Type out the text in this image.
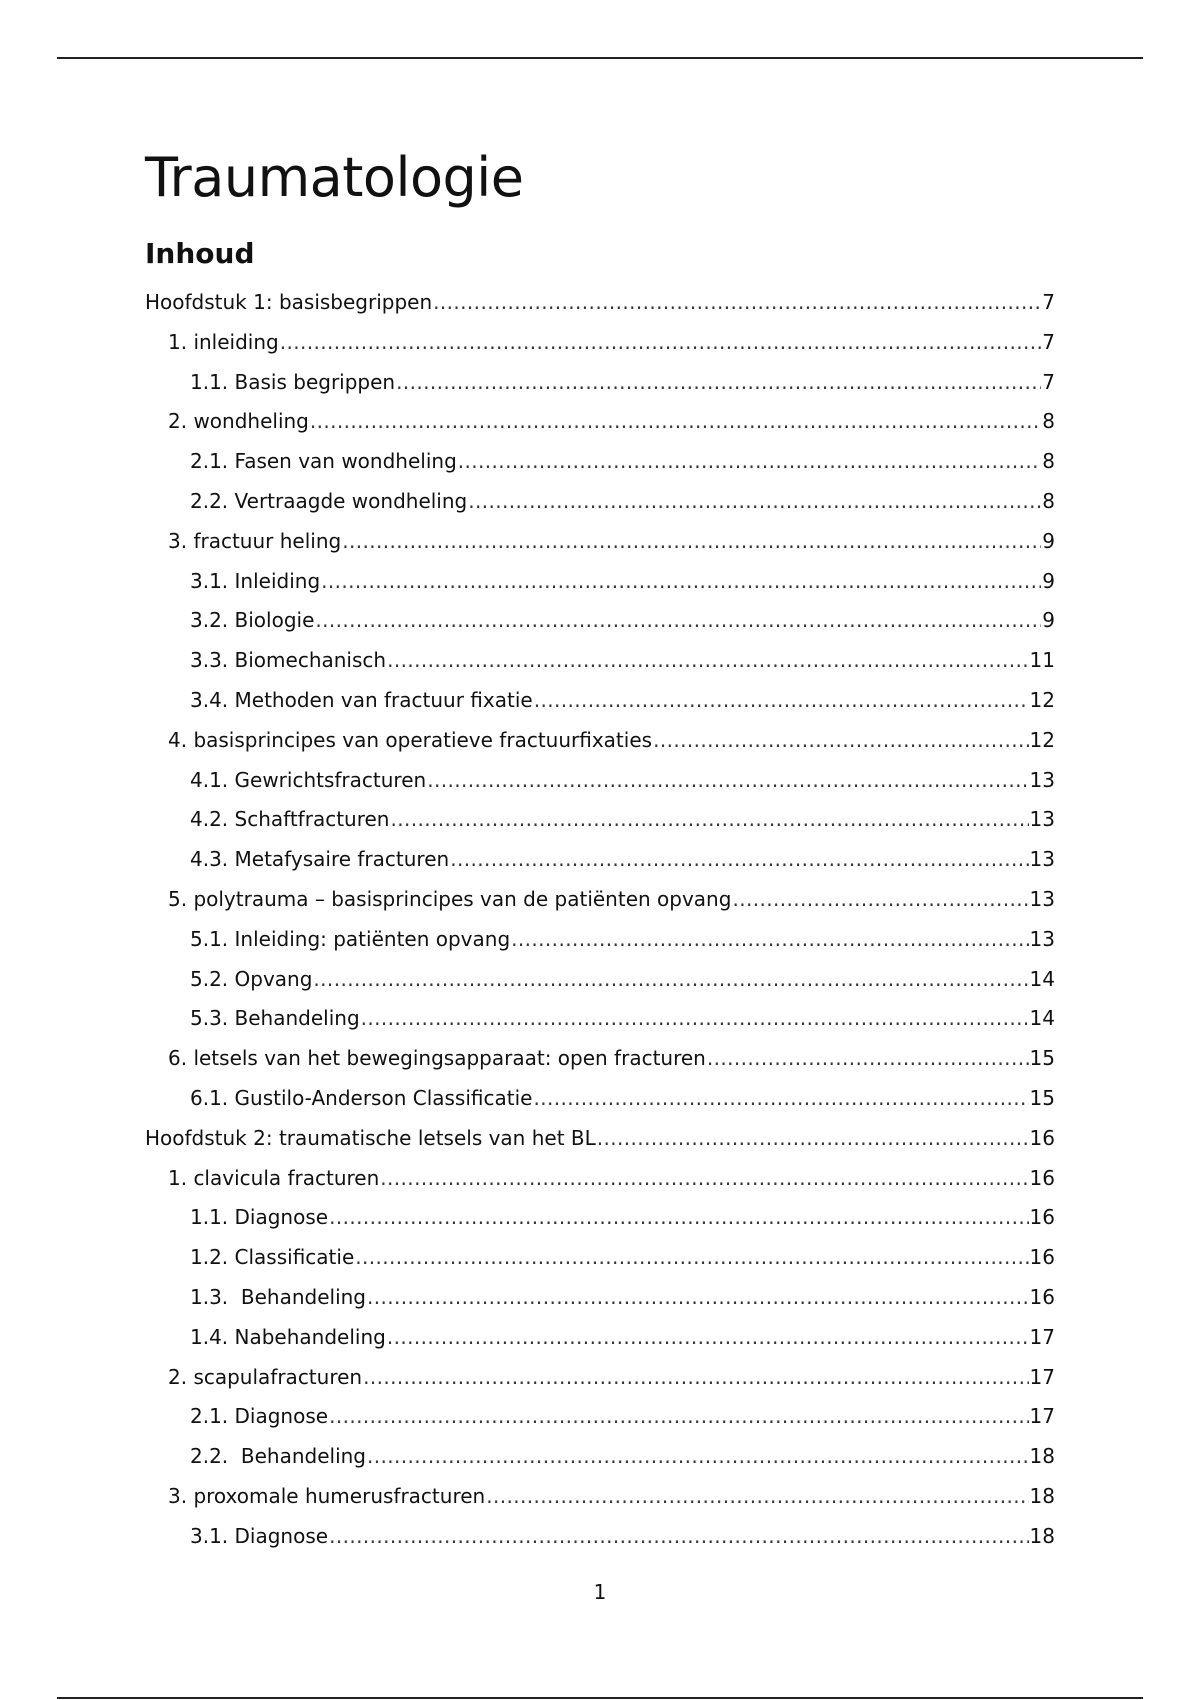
Traumatologie
Inhoud
Hoofdstuk 1: basisbegrippen .....	7
1. inleiding .....	7
1.1. Basis begrippen .....	7
2. wondheling .....	8
2.1. Fasen van wondheling .....	8
2.2. Vertraagde wondheling .....	8
3. fractuur heling .....	9
3.1. Inleiding .....	9
3.2. Biologie .....	9
3.3. Biomechanisch .....	11
3.4. Methoden van fractuur fixatie .....	12
4. basisprincipes van operatieve fractuurfixaties .....	12
4.1. Gewrichtsfracturen .....	13
4.2. Schaftfracturen .....	13
4.3. Metafysaire fracturen .....	13
5. polytrauma – basisprincipes van de patiënten opvang .....	13
5.1. Inleiding: patiënten opvang .....	13
5.2. Opvang .....	14
5.3. Behandeling .....	14
6. letsels van het bewegingsapparaat: open fracturen .....	15
6.1. Gustilo-Anderson Classificatie .....	15
Hoofdstuk 2: traumatische letsels van het BL .....	16
1. clavicula fracturen .....	16
1.1. Diagnose .....	16
1.2. Classificatie .....	16
1.3.  Behandeling .....	16
1.4. Nabehandeling .....	17
2. scapulafracturen .....	17
2.1. Diagnose .....	17
2.2.  Behandeling .....	18
3. proxomale humerusfracturen .....	18
3.1. Diagnose .....	18
1
